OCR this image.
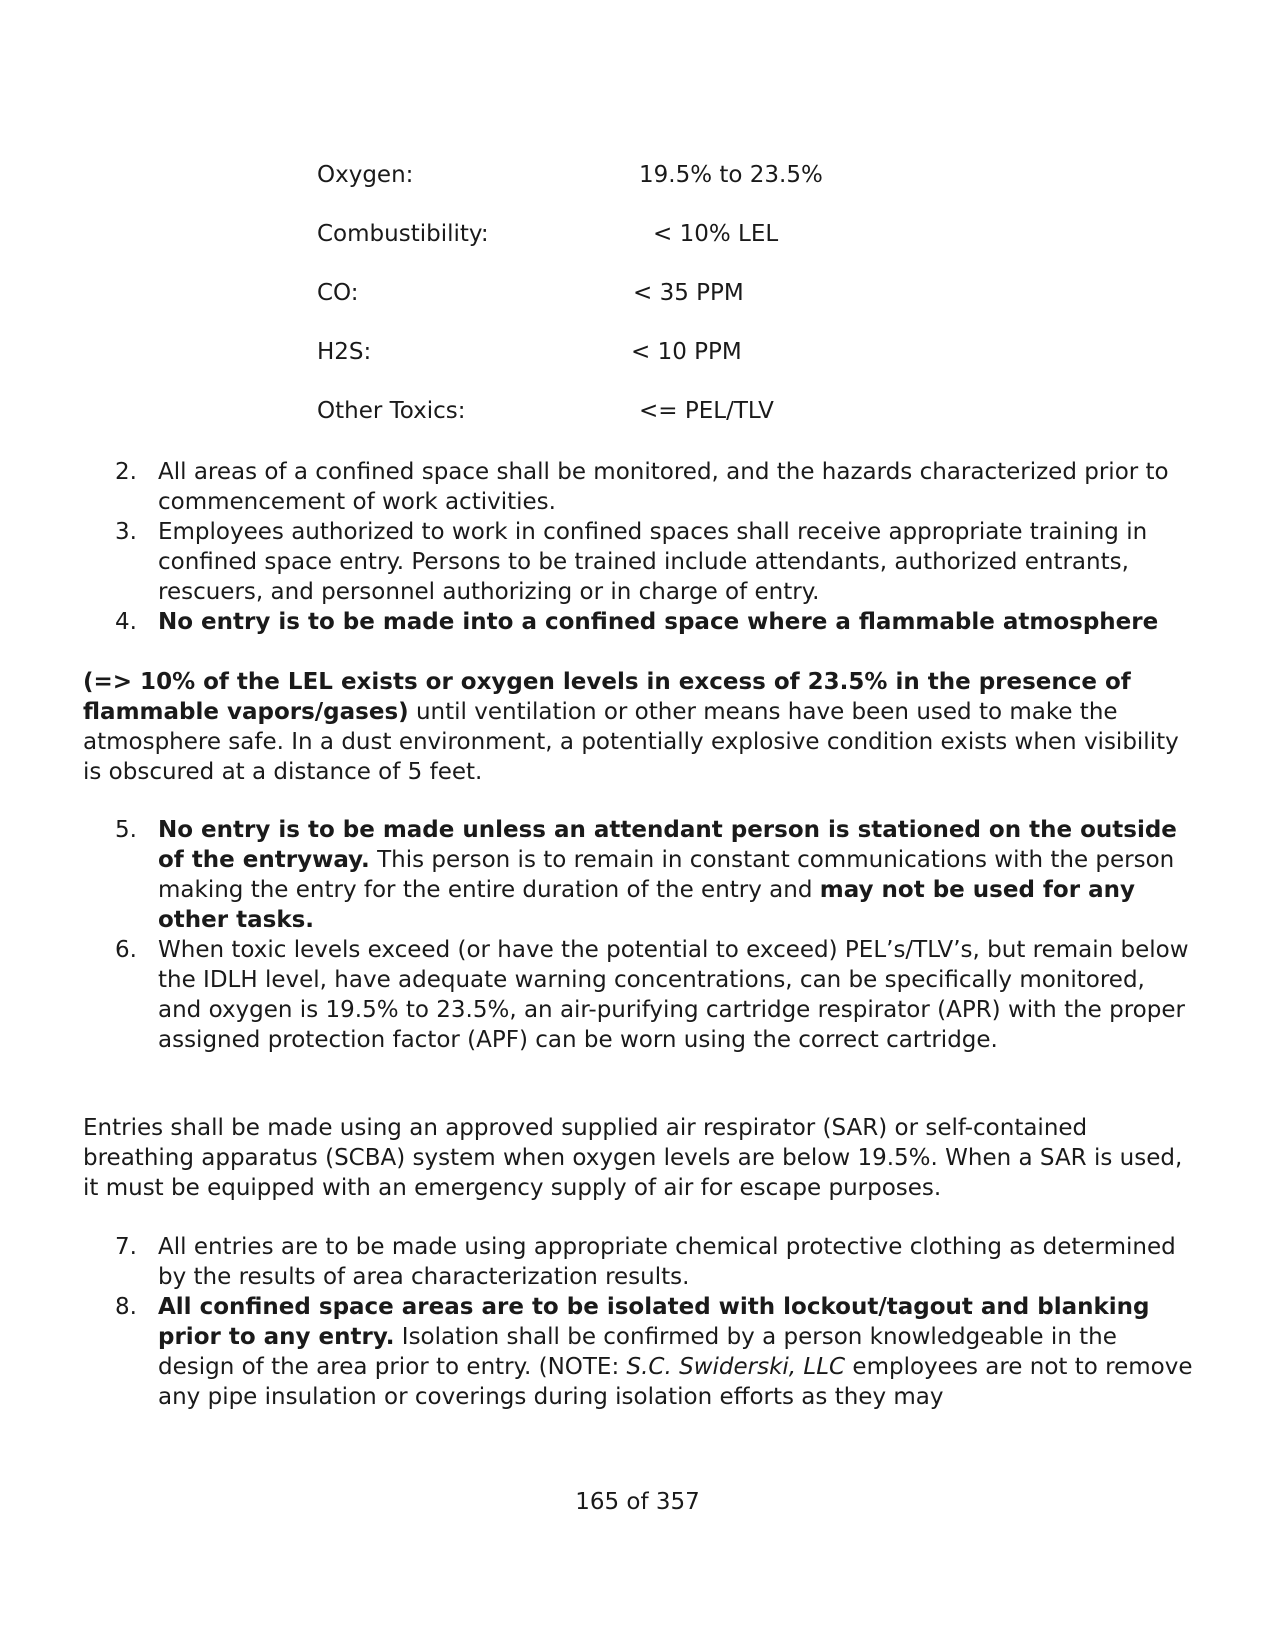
Oxygen:	19.5% to 23.5%
Combustibility:	< 10% LEL
CO:	< 35 PPM
H2S:	< 10 PPM
Other Toxics:	<= PEL/TLV
2. All areas of a confined space shall be monitored, and the hazards characterized prior to commencement of work activities.
3. Employees authorized to work in confined spaces shall receive appropriate training in confined space entry. Persons to be trained include attendants, authorized entrants, rescuers, and personnel authorizing or in charge of entry.
4. No entry is to be made into a confined space where a flammable atmosphere
(=> 10% of the LEL exists or oxygen levels in excess of 23.5% in the presence of flammable vapors/gases) until ventilation or other means have been used to make the atmosphere safe. In a dust environment, a potentially explosive condition exists when visibility is obscured at a distance of 5 feet.
5. No entry is to be made unless an attendant person is stationed on the outside of the entryway. This person is to remain in constant communications with the person making the entry for the entire duration of the entry and may not be used for any other tasks.
6. When toxic levels exceed (or have the potential to exceed) PEL’s/TLV’s, but remain below the IDLH level, have adequate warning concentrations, can be specifically monitored, and oxygen is 19.5% to 23.5%, an air-purifying cartridge respirator (APR) with the proper assigned protection factor (APF) can be worn using the correct cartridge.
Entries shall be made using an approved supplied air respirator (SAR) or self-contained breathing apparatus (SCBA) system when oxygen levels are below 19.5%. When a SAR is used, it must be equipped with an emergency supply of air for escape purposes.
7. All entries are to be made using appropriate chemical protective clothing as determined by the results of area characterization results.
8. All confined space areas are to be isolated with lockout/tagout and blanking prior to any entry. Isolation shall be confirmed by a person knowledgeable in the design of the area prior to entry. (NOTE: S.C. Swiderski, LLC employees are not to remove any pipe insulation or coverings during isolation efforts as they may
165 of 357
